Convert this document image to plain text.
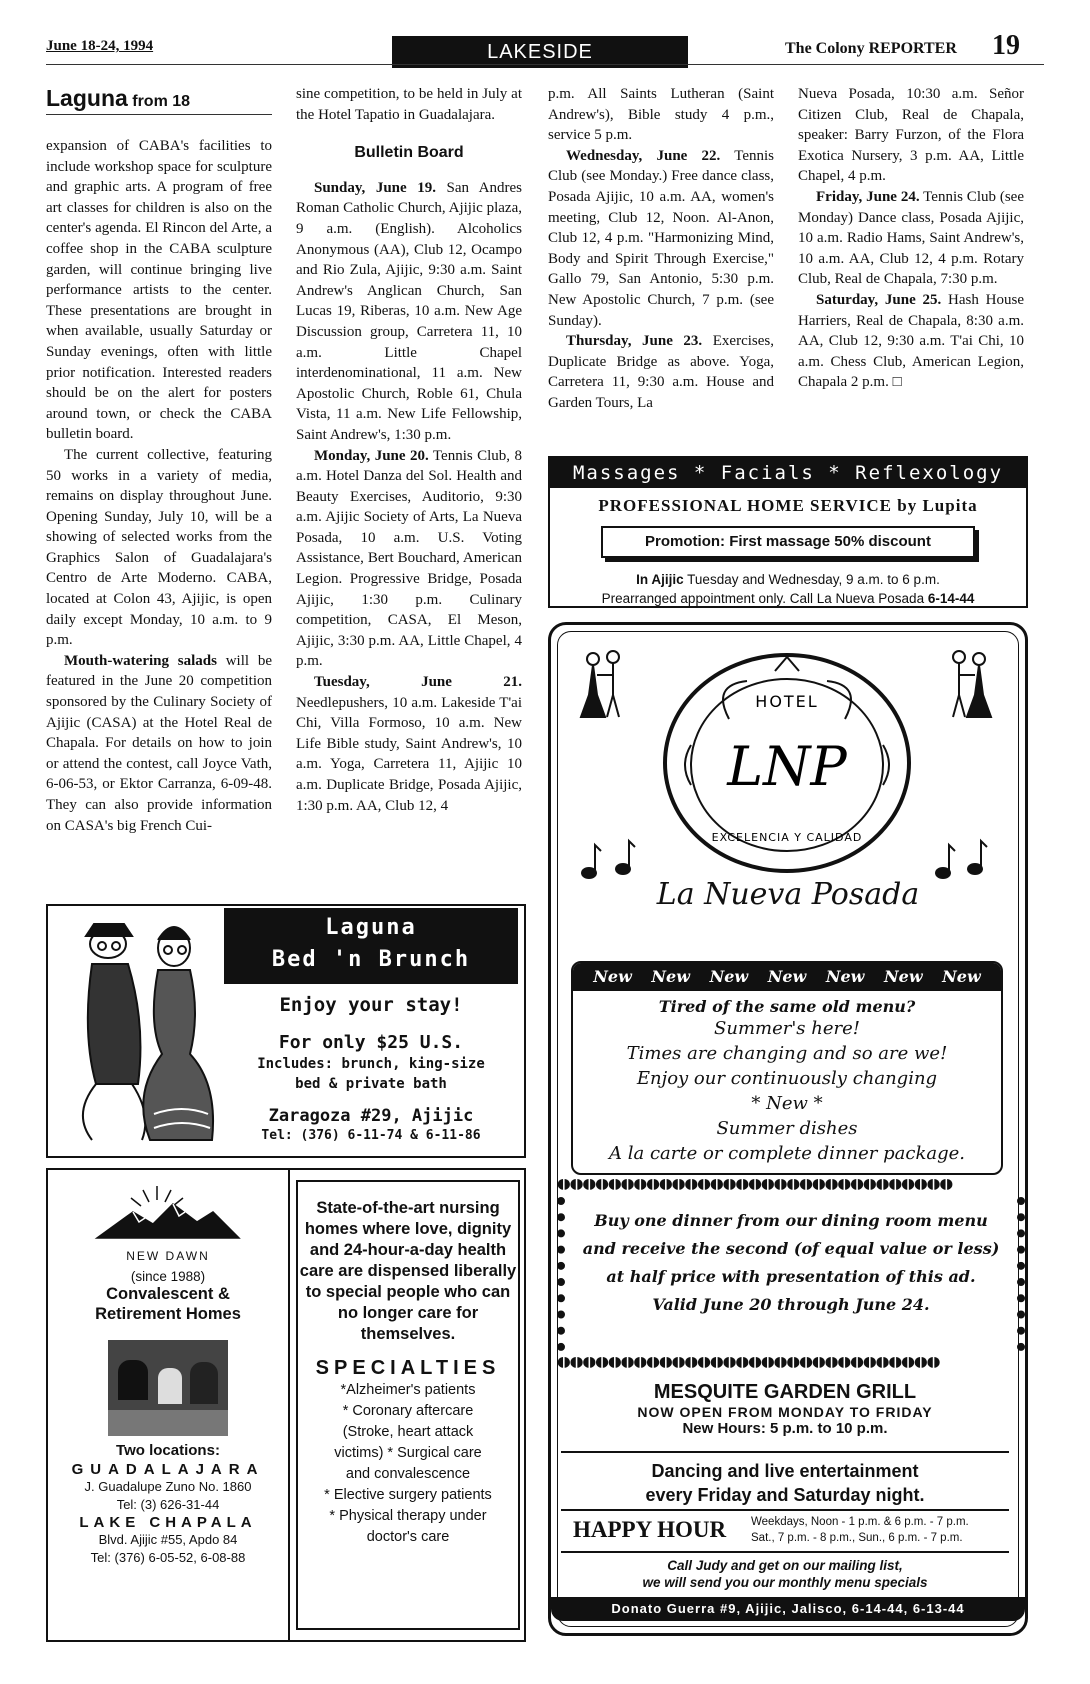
June 18-24, 1994	LAKESIDE	The Colony REPORTER 19
Laguna from 18

expansion of CABA's facilities to include workshop space for sculpture and graphic arts. A program of free art classes for children is also on the center's agenda. El Rincon del Arte, a coffee shop in the CABA sculpture garden, will continue bringing live performance artists to the center. These presentations are brought in when available, usually Saturday or Sunday evenings, often with little prior notification. Interested readers should be on the alert for posters around town, or check the CABA bulletin board.

The current collective, featuring 50 works in a variety of media, remains on display throughout June. Opening Sunday, July 10, will be a showing of selected works from the Graphics Salon of Guadalajara's Centro de Arte Moderno. CABA, located at Colon 43, Ajijic, is open daily except Monday, 10 a.m. to 9 p.m.

Mouth-watering salads will be featured in the June 20 competition sponsored by the Culinary Society of Ajijic (CASA) at the Hotel Real de Chapala. For details on how to join or attend the contest, call Joyce Vath, 6-06-53, or Ektor Carranza, 6-09-48. They can also provide information on CASA's big French Cui-

sine competition, to be held in July at the Hotel Tapatio in Guadalajara.

Bulletin Board

Sunday, June 19. San Andres Roman Catholic Church, Ajijic plaza, 9 a.m. (English). Alcoholics Anonymous (AA), Club 12, Ocampo and Rio Zula, Ajijic, 9:30 a.m. Saint Andrew's Anglican Church, San Lucas 19, Riberas, 10 a.m. New Age Discussion group, Carretera 11, 10 a.m. Little Chapel interdenominational, 11 a.m. New Apostolic Church, Roble 61, Chula Vista, 11 a.m. New Life Fellowship, Saint Andrew's, 1:30 p.m.

Monday, June 20. Tennis Club, 8 a.m. Hotel Danza del Sol. Health and Beauty Exercises, Auditorio, 9:30 a.m. Ajijic Society of Arts, La Nueva Posada, 10 a.m. U.S. Voting Assistance, Bert Bouchard, American Legion. Progressive Bridge, Posada Ajijic, 1:30 p.m. Culinary competition, CASA, El Meson, Ajijic, 3:30 p.m. AA, Little Chapel, 4 p.m.

Tuesday, June 21. Needlepushers, 10 a.m. Lakeside T'ai Chi, Villa Formoso, 10 a.m. New Life Bible study, Saint Andrew's, 10 a.m. Yoga, Carretera 11, Ajijic 10 a.m. Duplicate Bridge, Posada Ajijic, 1:30 p.m. AA, Club 12, 4

p.m. All Saints Lutheran (Saint Andrew's), Bible study 4 p.m., service 5 p.m.

Wednesday, June 22. Tennis Club (see Monday.) Free dance class, Posada Ajijic, 10 a.m. AA, women's meeting, Club 12, Noon. Al-Anon, Club 12, 4 p.m. "Harmonizing Mind, Body and Spirit Through Exercise," Gallo 79, San Antonio, 5:30 p.m. New Apostolic Church, 7 p.m. (see Sunday).

Thursday, June 23. Exercises, Duplicate Bridge as above. Yoga, Carretera 11, 9:30 a.m. House and Garden Tours, La

Nueva Posada, 10:30 a.m. Señor Citizen Club, Real de Chapala, speaker: Barry Furzon, of the Flora Exotica Nursery, 3 p.m. AA, Little Chapel, 4 p.m.

Friday, June 24. Tennis Club (see Monday) Dance class, Posada Ajijic, 10 a.m. Radio Hams, Saint Andrew's, 10 a.m. AA, Club 12, 4 p.m. Rotary Club, Real de Chapala, 7:30 p.m.

Saturday, June 25. Hash House Harriers, Real de Chapala, 8:30 a.m. AA, Club 12, 9:30 a.m. T'ai Chi, 10 a.m. Chess Club, American Legion, Chapala 2 p.m. □

Massages * Facials * Reflexology
PROFESSIONAL HOME SERVICE by Lupita
Promotion: First massage 50% discount
In Ajijic Tuesday and Wednesday, 9 a.m. to 6 p.m.
Prearranged appointment only. Call La Nueva Posada 6-14-44
HOTEL
LNP
EXCELENCIA Y CALIDAD
La Nueva Posada
New New New New New New New
Tired of the same old menu?
Summer's here!
Times are changing and so are we!
Enjoy our continuously changing
* New *
Summer dishes
A la carte or complete dinner package.
◖◗◖◗◖◗◖◗◖◗◖◗◖◗◖◗◖◗◖◗◖◗◖◗◖◗◖◗◖◗◖◗◖◗◖◗◖◗◖◗◖◗◖◗◖◗◖◗◖◗◖◗◖◗◖◗◖◗◖◗◖◗
Buy one dinner from our dining room menu
and receive the second (of equal value or less)
at half price with presentation of this ad.
Valid June 20 through June 24.
◖◗◖◗◖◗◖◗◖◗◖◗◖◗◖◗◖◗◖◗◖◗◖◗◖◗◖◗◖◗◖◗◖◗◖◗◖◗◖◗◖◗◖◗◖◗◖◗◖◗◖◗◖◗◖◗◖◗◖◗
MESQUITE GARDEN GRILL
NOW OPEN FROM MONDAY TO FRIDAY
New Hours: 5 p.m. to 10 p.m.
Dancing and live entertainment
every Friday and Saturday night.
HAPPY HOUR Weekdays, Noon - 1 p.m. & 6 p.m. - 7 p.m.
Sat., 7 p.m. - 8 p.m., Sun., 6 p.m. - 7 p.m.
Call Judy and get on our mailing list,
we will send you our monthly menu specials
Donato Guerra #9, Ajijic, Jalisco, 6-14-44, 6-13-44
Laguna
Bed 'n Brunch
Enjoy your stay!
For only $25 U.S.
Includes: brunch, king-size
bed & private bath
Zaragoza #29, Ajijic
Tel: (376) 6-11-74 & 6-11-86
NEW DAWN
(since 1988)
Convalescent &
Retirement Homes
Two locations:
GUADALAJARA
J. Guadalupe Zuno No. 1860
Tel: (3) 626-31-44
LAKE CHAPALA
Blvd. Ajijic #55, Apdo 84
Tel: (376) 6-05-52, 6-08-88
State-of-the-art nursing homes where love, dignity and 24-hour-a-day health care are dispensed liberally to special people who can no longer care for themselves.
SPECIALTIES
*Alzheimer's patients
* Coronary aftercare
(Stroke, heart attack
victims) * Surgical care
and convalescence
* Elective surgery patients
* Physical therapy under
doctor's care
